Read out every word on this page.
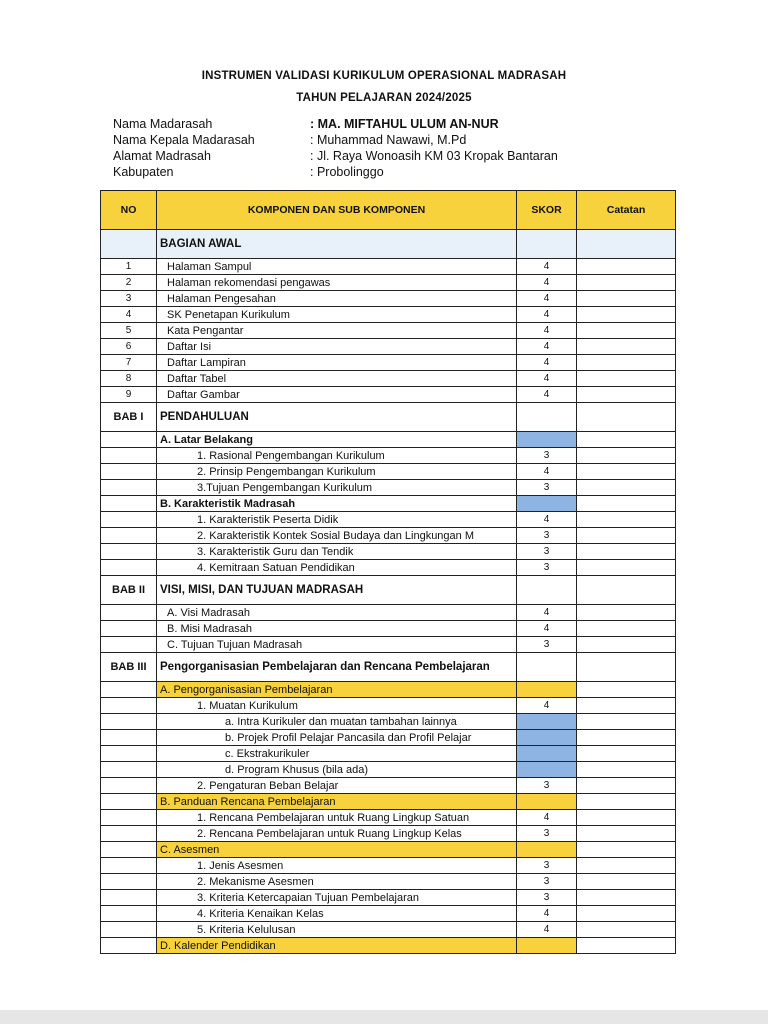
INSTRUMEN VALIDASI KURIKULUM OPERASIONAL MADRASAH
TAHUN PELAJARAN 2024/2025
Nama Madarasah	: MA. MIFTAHUL ULUM AN-NUR
Nama Kepala Madarasah	: Muhammad Nawawi, M.Pd
Alamat Madrasah	: Jl. Raya Wonoasih KM 03 Kropak Bantaran
Kabupaten	: Probolinggo
NO	KOMPONEN DAN SUB KOMPONEN	SKOR	Catatan
	BAGIAN AWAL		
1	Halaman Sampul	4	
2	Halaman rekomendasi pengawas	4	
3	Halaman Pengesahan	4	
4	SK Penetapan Kurikulum	4	
5	Kata Pengantar	4	
6	Daftar Isi	4	
7	Daftar Lampiran	4	
8	Daftar Tabel	4	
9	Daftar Gambar	4	
BAB I	PENDAHULUAN		
	A. Latar Belakang		
	1. Rasional Pengembangan Kurikulum	3	
	2. Prinsip Pengembangan Kurikulum	4	
	3.Tujuan Pengembangan Kurikulum	3	
	B. Karakteristik Madrasah		
	1. Karakteristik Peserta Didik	4	
	2. Karakteristik Kontek Sosial Budaya dan Lingkungan M	3	
	3. Karakteristik Guru dan Tendik	3	
	4. Kemitraan Satuan Pendidikan	3	
BAB II	VISI, MISI, DAN TUJUAN MADRASAH		
	A. Visi Madrasah	4	
	B. Misi Madrasah	4	
	C. Tujuan Tujuan Madrasah	3	
BAB III	Pengorganisasian Pembelajaran dan Rencana Pembelajaran		
	A. Pengorganisasian Pembelajaran		
	1. Muatan Kurikulum	4	
	a. Intra Kurikuler dan muatan tambahan lainnya		
	b. Projek Profil Pelajar Pancasila dan Profil Pelajar		
	c. Ekstrakurikuler		
	d. Program Khusus (bila ada)		
	2. Pengaturan Beban Belajar	3	
	B. Panduan Rencana Pembelajaran		
	1. Rencana Pembelajaran untuk Ruang Lingkup Satuan	4	
	2. Rencana Pembelajaran untuk Ruang Lingkup Kelas	3	
	C. Asesmen		
	1. Jenis Asesmen	3	
	2. Mekanisme Asesmen	3	
	3. Kriteria Ketercapaian Tujuan Pembelajaran	3	
	4. Kriteria Kenaikan Kelas	4	
	5. Kriteria Kelulusan	4	
	D. Kalender Pendidikan		
